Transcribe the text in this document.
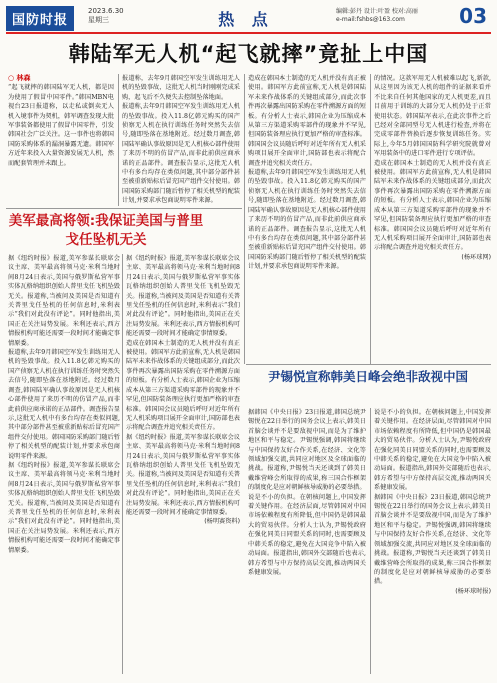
国防时报
2023.6.30
星期三	热 点	编辑:彭丹 设计:叶盈 校对:高丽
e-mail:fshbs@163.com	03
韩陆军无人机“起飞就摔”竟扯上中国
○ 林森
“起飞就摔的韩国陆军无人机，都是因为使用了假冒中国零件。”韩国MBN电视台23日报道称，以走私或倒卖无人机入境事件为契机，韩军调查发现大批军事装备都使用了假冒中国零件，引发韩国社会广泛关注。这一事件也将韩国国防采购体系的漏洞暴露无遗。韩国军方近年来投入大量资源发展无人机，然而配套管理并未跟上。
报道称，去年9月韩国空军发生训练用无人机的坠毁事故，这批无人机当时刚刚完成采购，起飞后不久便失去控制坠落地面。
报道称,去年9月韩国空军发生训练用无人机的坠毁事故。投入11.8亿韩元购买的国产侦察无人机在执行训练任务时突然失去信号,随即坠落在基地附近。经过数月调查,韩国陆军确认事故原因是无人机核心部件使用了来历不明的仿冒产品,而非此前供应商承诺的正品部件。调查报告显示,这批无人机中有多台均存在类似问题,其中部分部件甚至被重新贴标后冒充国产组件交付使用。韩国国防采购部门随后暂停了相关机型的配装计划,并要求承包商说明零件来源。
造成在韩国本土制造的无人机并没有真正被使用。韩国军方此前宣称,无人机是韩国陆军未来作战体系的关键组成部分,而此次事件再次暴露出国防采购在零件溯源方面的短板。有分析人士表示,韩国企业为压缩成本从第三方渠道采购零部件的现象并不罕见,但国防装备理应执行更加严格的审查标准。韩国国会议员随后呼吁对近年所有无人机采购项目展开全面审计,国防部也表示将配合调查并追究相关责任方。
报道称,去年9月韩国空军发生训练用无人机的坠毁事故。投入11.8亿韩元购买的国产侦察无人机在执行训练任务时突然失去信号,随即坠落在基地附近。经过数月调查,韩国陆军确认事故原因是无人机核心部件使用了来历不明的仿冒产品,而非此前供应商承诺的正品部件。调查报告显示,这批无人机中有多台均存在类似问题,其中部分部件甚至被重新贴标后冒充国产组件交付使用。韩国国防采购部门随后暂停了相关机型的配装计划,并要求承包商说明零件来源。
的情况。这款军用无人机被难以起飞,新款,从这里因为该无人机的组件的证据来看并不比来自任何其他国家的无人机更差,而且目前用于训练的大部分无人机仍处于正常使用状态。韩国陆军表示,在此次事件之后已经对全部同型号无人机进行检查,并将在完成零部件替换后逐步恢复训练任务。实际上,今年5月韩国国防科学研究院就曾对军用装备中的进口零件进行专项评估。
造成在韩国本土制造的无人机并没有真正被使用。韩国军方此前宣称,无人机是韩国陆军未来作战体系的关键组成部分,而此次事件再次暴露出国防采购在零件溯源方面的短板。有分析人士表示,韩国企业为压缩成本从第三方渠道采购零部件的现象并不罕见,但国防装备理应执行更加严格的审查标准。韩国国会议员随后呼吁对近年所有无人机采购项目展开全面审计,国防部也表示将配合调查并追究相关责任方。
(杨环球网)
美军最高将领:我保证美国与普里戈任坠机无关
据《纽约时报》报道,美军参谋长联席会议主席、美军最高将领马克·米利当地时间8月24日表示,美国与俄罗斯私营军事实体瓦格纳组织创始人普里戈任飞机坠毁无关。报道称,当被问及美国是否知道有关普里戈任坠机的任何信息时,米利表示“我们对此没有评论”。同时他指出,美国正在关注局势发展。米利还表示,西方情报机构可能还需要一段时间才能确定事情原委。
报道称,去年9月韩国空军发生训练用无人机的坠毁事故。投入11.8亿韩元购买的国产侦察无人机在执行训练任务时突然失去信号,随即坠落在基地附近。经过数月调查,韩国陆军确认事故原因是无人机核心部件使用了来历不明的仿冒产品,而非此前供应商承诺的正品部件。调查报告显示,这批无人机中有多台均存在类似问题,其中部分部件甚至被重新贴标后冒充国产组件交付使用。韩国国防采购部门随后暂停了相关机型的配装计划,并要求承包商说明零件来源。
据《纽约时报》报道,美军参谋长联席会议主席、美军最高将领马克·米利当地时间8月24日表示,美国与俄罗斯私营军事实体瓦格纳组织创始人普里戈任飞机坠毁无关。报道称,当被问及美国是否知道有关普里戈任坠机的任何信息时,米利表示“我们对此没有评论”。同时他指出,美国正在关注局势发展。米利还表示,西方情报机构可能还需要一段时间才能确定事情原委。
据《纽约时报》报道,美军参谋长联席会议主席、美军最高将领马克·米利当地时间8月24日表示,美国与俄罗斯私营军事实体瓦格纳组织创始人普里戈任飞机坠毁无关。报道称,当被问及美国是否知道有关普里戈任坠机的任何信息时,米利表示“我们对此没有评论”。同时他指出,美国正在关注局势发展。米利还表示,西方情报机构可能还需要一段时间才能确定事情原委。
造成在韩国本土制造的无人机并没有真正被使用。韩国军方此前宣称,无人机是韩国陆军未来作战体系的关键组成部分,而此次事件再次暴露出国防采购在零件溯源方面的短板。有分析人士表示,韩国企业为压缩成本从第三方渠道采购零部件的现象并不罕见,但国防装备理应执行更加严格的审查标准。韩国国会议员随后呼吁对近年所有无人机采购项目展开全面审计,国防部也表示将配合调查并追究相关责任方。
据《纽约时报》报道,美军参谋长联席会议主席、美军最高将领马克·米利当地时间8月24日表示,美国与俄罗斯私营军事实体瓦格纳组织创始人普里戈任飞机坠毁无关。报道称,当被问及美国是否知道有关普里戈任坠机的任何信息时,米利表示“我们对此没有评论”。同时他指出,美国正在关注局势发展。米利还表示,西方情报机构可能还需要一段时间才能确定事情原委。
(杨明赛资料)
尹锡悦宣称韩美日峰会绝非敌视中国
据韩国《中央日报》23日报道,韩国总统尹锡悦在22日举行的国务会议上表示,韩美日首脑会谈并不是要敌视中国,而是为了维护地区和平与稳定。尹锡悦强调,韩国将继续与中国保持友好合作关系,在经济、文化等领域加强交流,共同应对地区及全球面临的挑战。报道称,尹锡悦当天还谈到了韩美日戴维营峰会所取得的成果,称三国合作框架的制度化是应对朝鲜核导威胁的必要举措。
说是不小的负担。在朝核问题上,中国发挥着关键作用。在经济层面,尽管韩国对中国市场依赖程度有所降低,但中国仍是韩国最大的贸易伙伴。分析人士认为,尹锡悦政府在强化同美日同盟关系的同时,也需要顾及中韩关系的稳定,避免在大国竞争中陷入被动局面。报道指出,韩国外交部随后也表示,韩方希望与中方保持高层交流,推动两国关系健康发展。
说是不小的负担。在朝核问题上,中国发挥着关键作用。在经济层面,尽管韩国对中国市场依赖程度有所降低,但中国仍是韩国最大的贸易伙伴。分析人士认为,尹锡悦政府在强化同美日同盟关系的同时,也需要顾及中韩关系的稳定,避免在大国竞争中陷入被动局面。报道指出,韩国外交部随后也表示,韩方希望与中方保持高层交流,推动两国关系健康发展。
据韩国《中央日报》23日报道,韩国总统尹锡悦在22日举行的国务会议上表示,韩美日首脑会谈并不是要敌视中国,而是为了维护地区和平与稳定。尹锡悦强调,韩国将继续与中国保持友好合作关系,在经济、文化等领域加强交流,共同应对地区及全球面临的挑战。报道称,尹锡悦当天还谈到了韩美日戴维营峰会所取得的成果,称三国合作框架的制度化是应对朝鲜核导威胁的必要举措。
(杨环球时报)
